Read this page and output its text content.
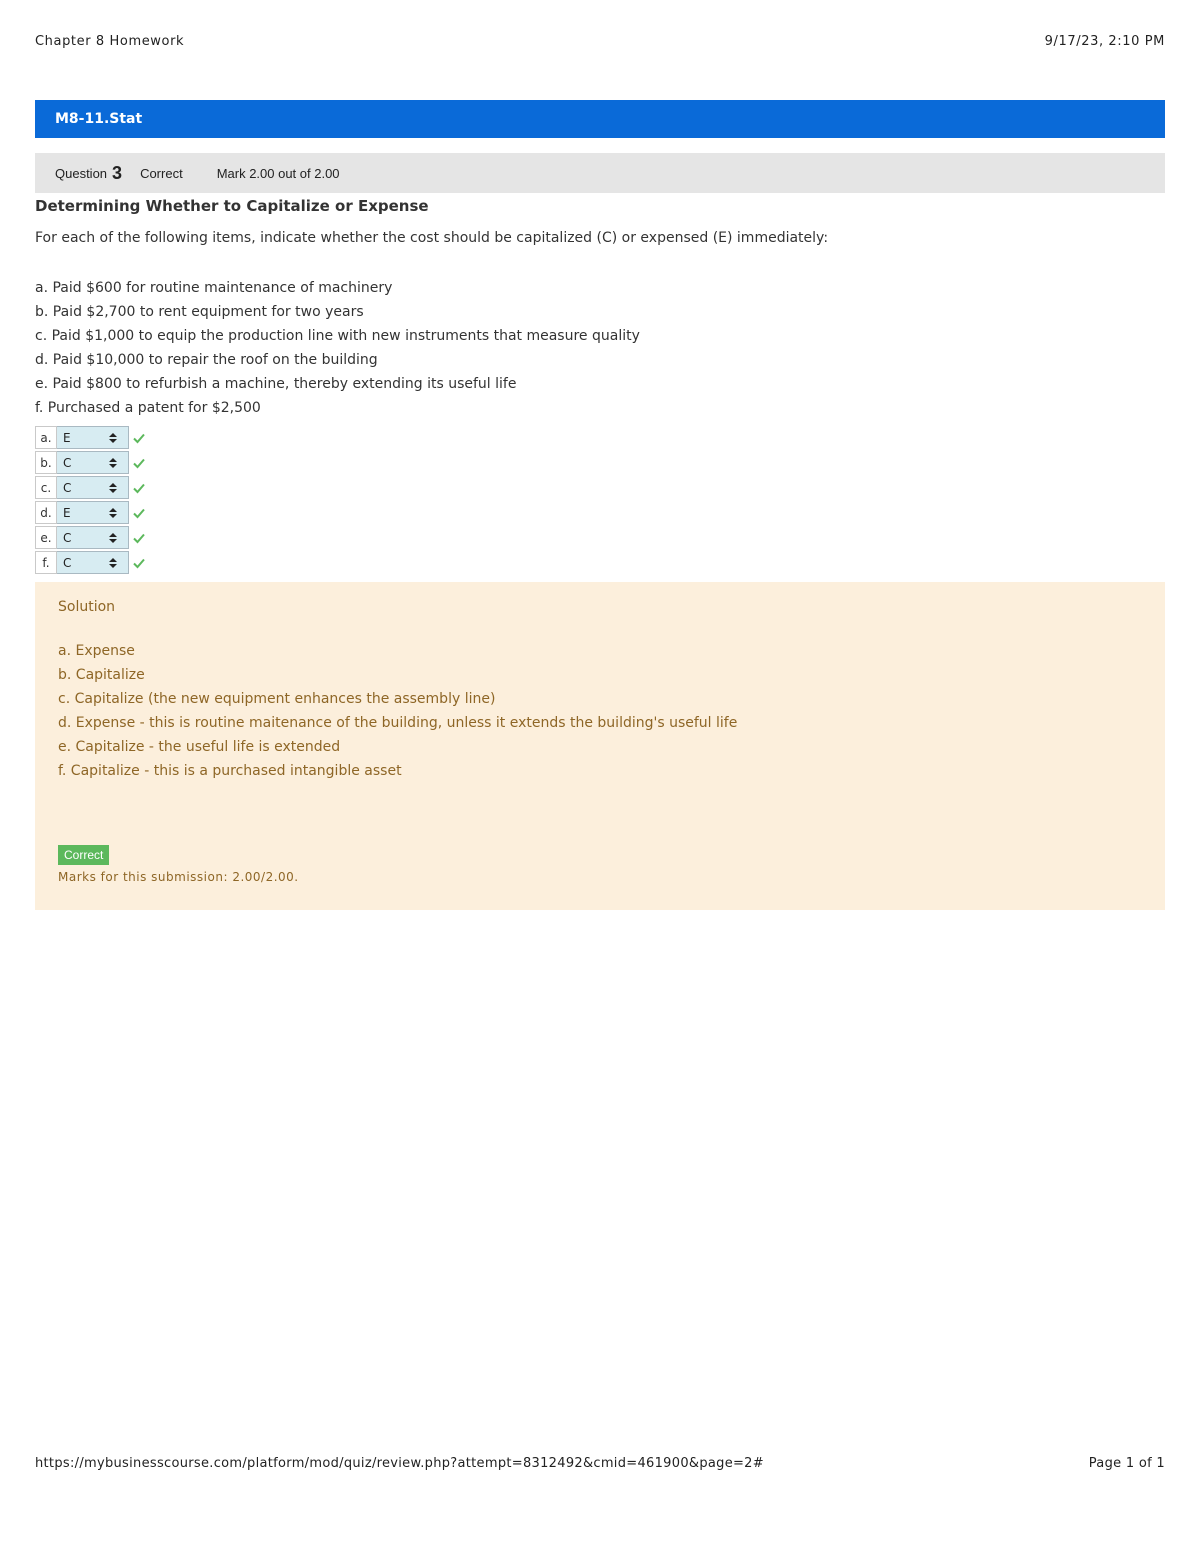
Chapter 8 Homework	9/17/23, 2:10 PM
M8-11.Stat
Question 3 Correct	Mark 2.00 out of 2.00
Determining Whether to Capitalize or Expense
For each of the following items, indicate whether the cost should be capitalized (C) or expensed (E) immediately:
a. Paid $600 for routine maintenance of machinery
b. Paid $2,700 to rent equipment for two years
c. Paid $1,000 to equip the production line with new instruments that measure quality
d. Paid $10,000 to repair the roof on the building
e. Paid $800 to refurbish a machine, thereby extending its useful life
f. Purchased a patent for $2,500
a. E
b. C
c. C
d. E
e. C
f.	C
Solution
a. Expense
b. Capitalize
c. Capitalize (the new equipment enhances the assembly line)
d. Expense - this is routine maitenance of the building, unless it extends the building's useful life
e. Capitalize - the useful life is extended
f. Capitalize - this is a purchased intangible asset
Correct
Marks for this submission: 2.00/2.00.
https://mybusinesscourse.com/platform/mod/quiz/review.php?attempt=8312492&cmid=461900&page=2#	Page 1 of 1
